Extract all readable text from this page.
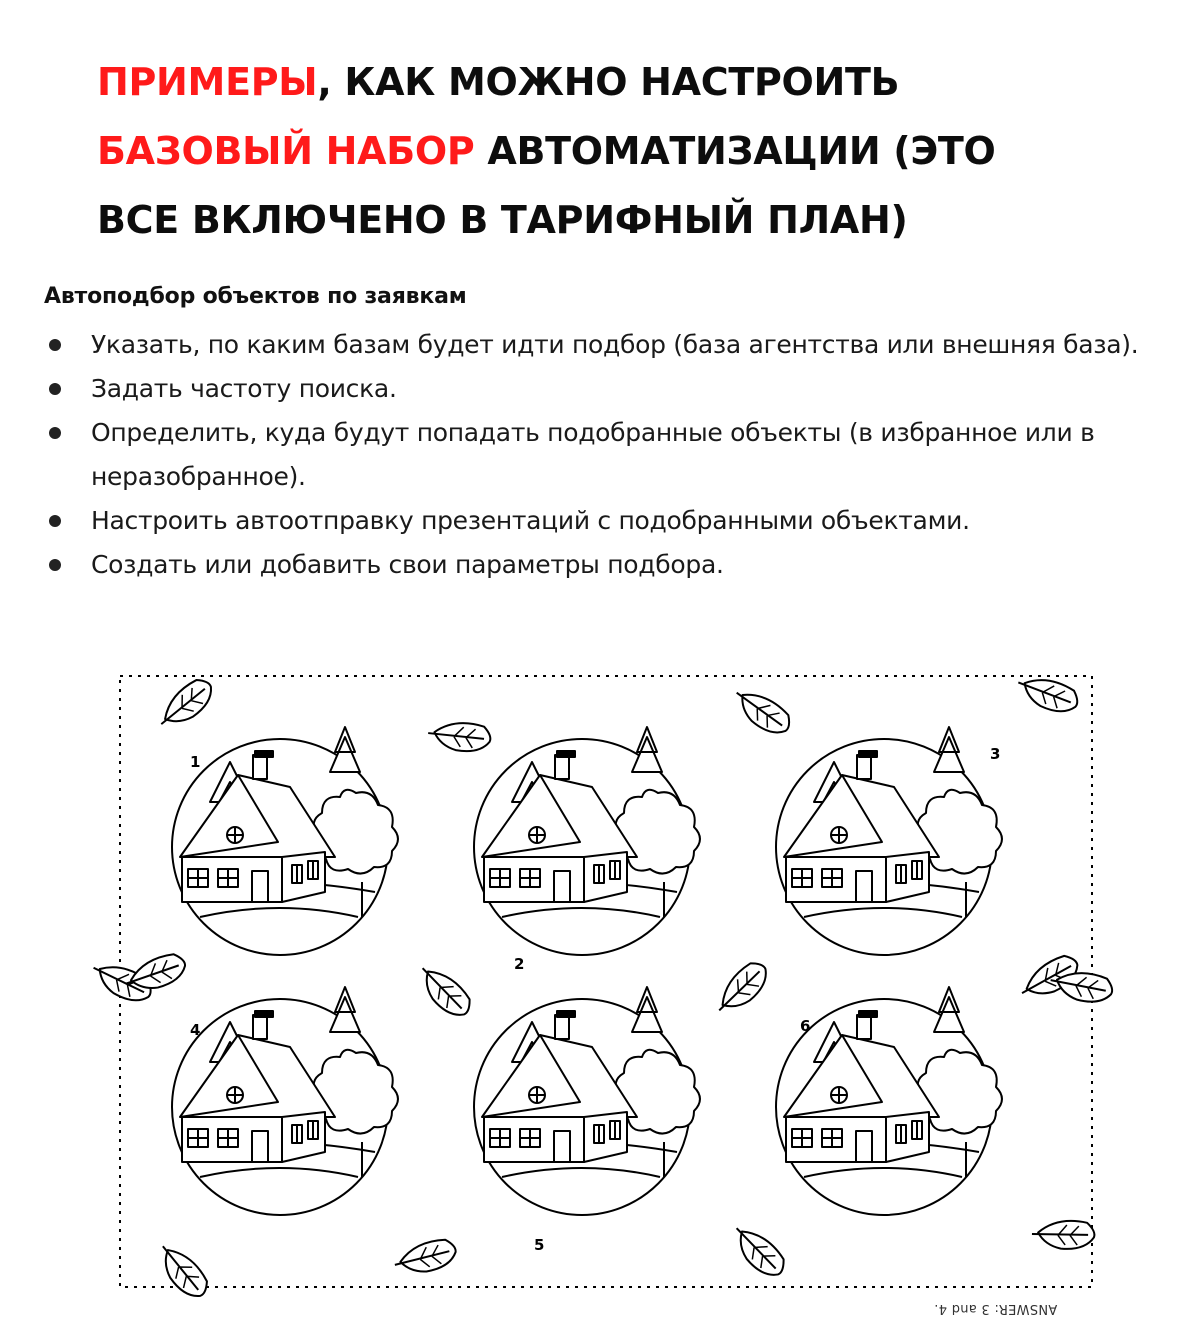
ПРИМЕРЫ, КАК МОЖНО НАСТРОИТЬ
БАЗОВЫЙ НАБОР АВТОМАТИЗАЦИИ (ЭТО
ВСЕ ВКЛЮЧЕНО В ТАРИФНЫЙ ПЛАН)
Автоподбор объектов по заявкам
Указать, по каким базам будет идти подбор (база агентства или внешняя база).
Задать частоту поиска.
Определить, куда будут попадать подобранные объекты (в избранное или в неразобранное).
Настроить автоотправку презентаций с подобранными объектами.
Создать или добавить свои параметры подбора.
1
2
3
4
5
6
ANSWER: 3 and 4.
